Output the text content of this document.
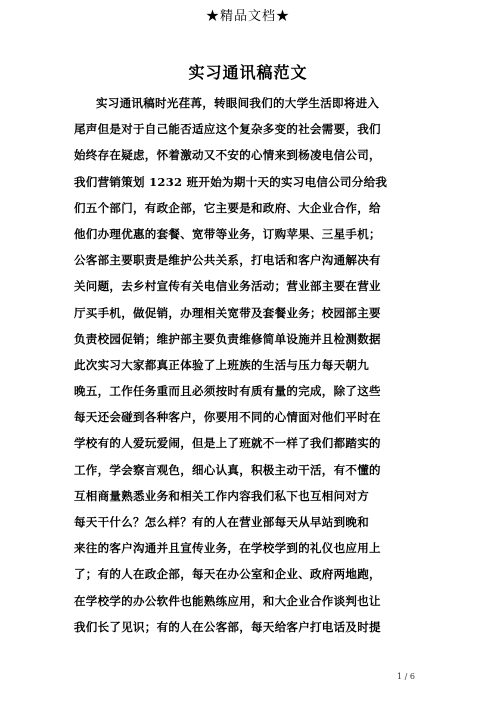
★精品文档★
实习通讯稿范文
实习通讯稿时光荏苒，转眼间我们的大学生活即将进入
尾声但是对于自己能否适应这个复杂多变的社会需要，我们
始终存在疑虑，怀着激动又不安的心情来到杨凌电信公司，
我们营销策划 1232 班开始为期十天的实习电信公司分给我
们五个部门，有政企部，它主要是和政府、大企业合作，给
他们办理优惠的套餐、宽带等业务，订购苹果、三星手机；
公客部主要职责是维护公共关系，打电话和客户沟通解决有
关问题，去乡村宣传有关电信业务活动；营业部主要在营业
厅买手机，做促销，办理相关宽带及套餐业务；校园部主要
负责校园促销；维护部主要负责维修简单设施并且检测数据
此次实习大家都真正体验了上班族的生活与压力每天朝九
晚五，工作任务重而且必须按时有质有量的完成，除了这些
每天还会碰到各种客户，你要用不同的心情面对他们平时在
学校有的人爱玩爱闹，但是上了班就不一样了我们都踏实的
工作，学会察言观色，细心认真，积极主动干活，有不懂的
互相商量熟悉业务和相关工作内容我们私下也互相问对方
每天干什么？怎么样？有的人在营业部每天从早站到晚和
来往的客户沟通并且宣传业务，在学校学到的礼仪也应用上
了；有的人在政企部，每天在办公室和企业、政府两地跑，
在学校学的办公软件也能熟练应用，和大企业合作谈判也让
我们长了见识；有的人在公客部，每天给客户打电话及时提
1 / 6
